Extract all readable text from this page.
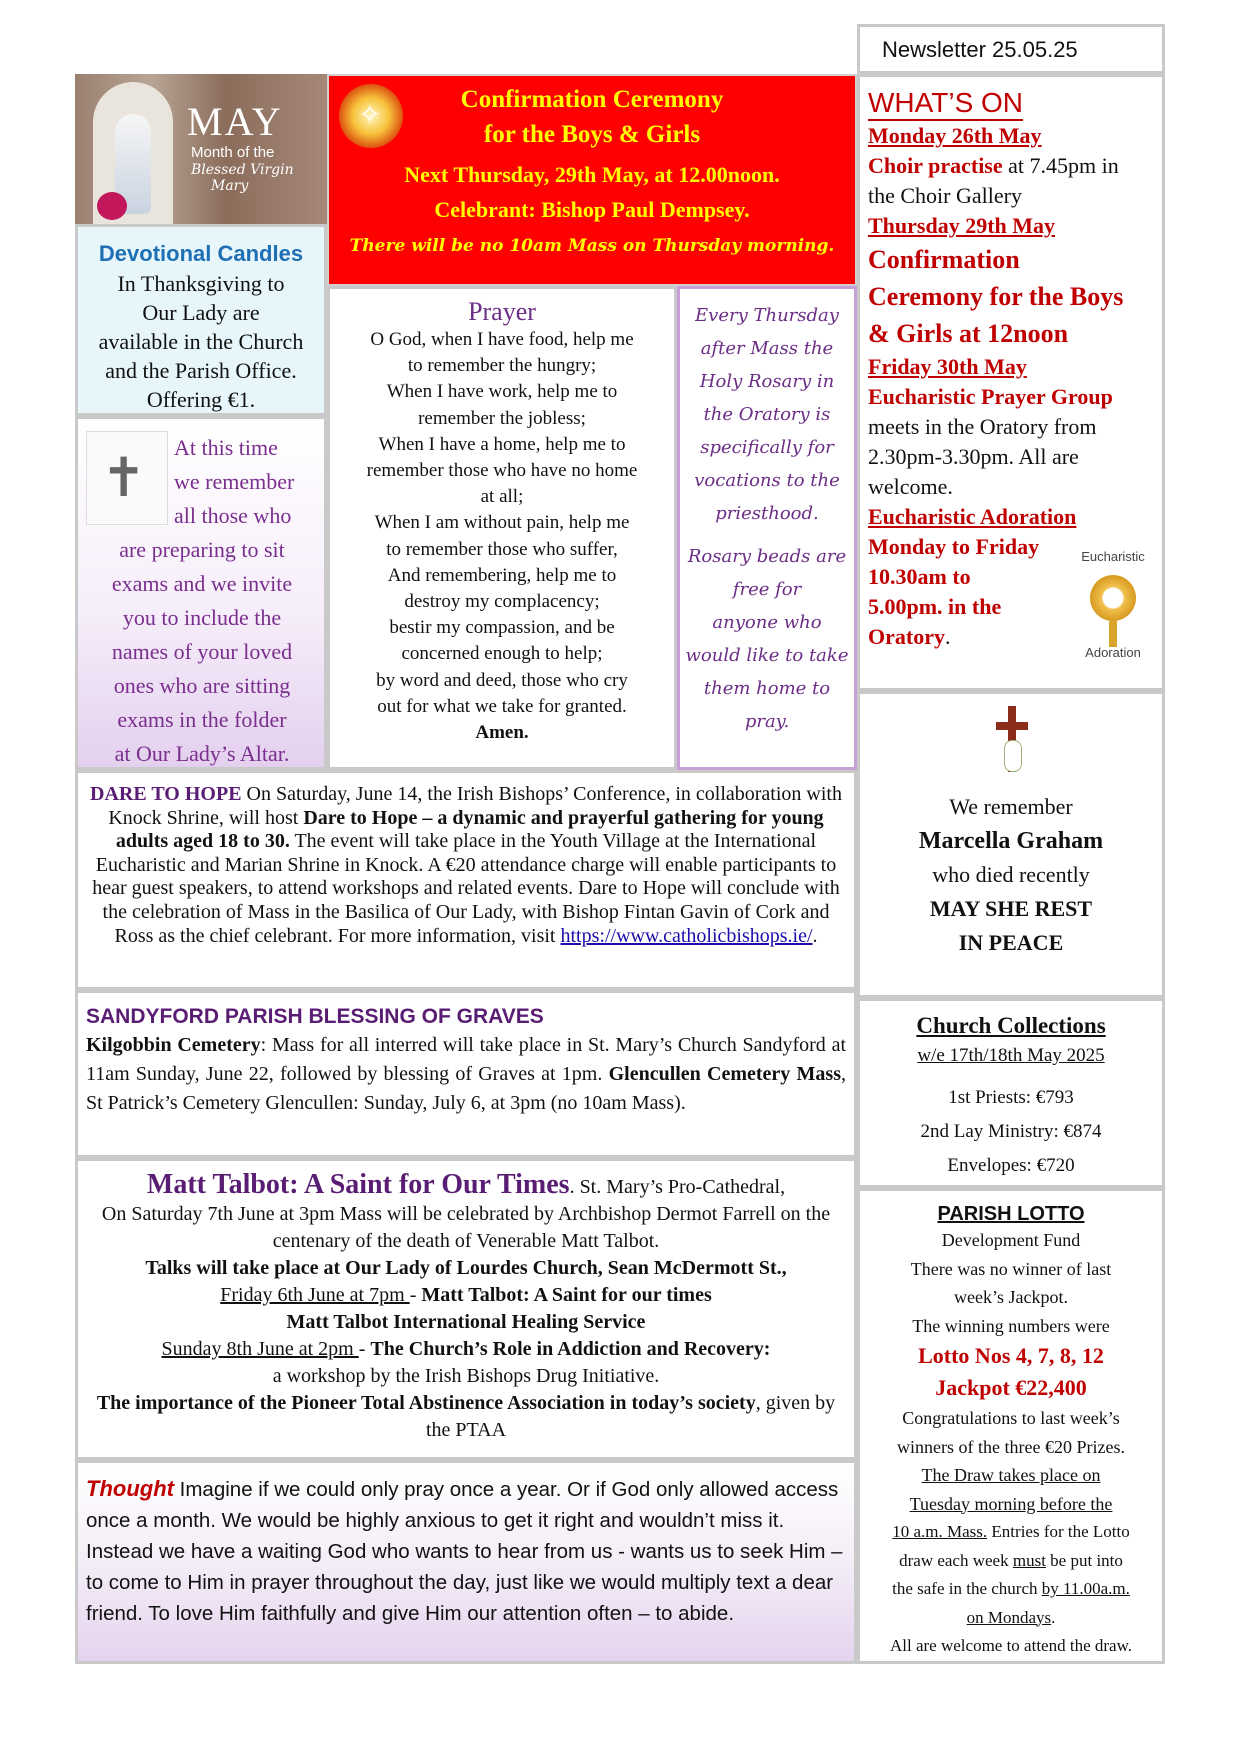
Newsletter 25.05.25
MAY
Month of the
Blessed Virgin
Mary
✧
Confirmation Ceremony
for the Boys & Girls
Next Thursday, 29th May, at 12.00noon.
Celebrant: Bishop Paul Dempsey.
There will be no 10am Mass on Thursday morning.
Devotional Candles
In Thanksgiving to
Our Lady are
available in the Church
and the Parish Office.
Offering €1.
✝
At this time
we remember
all those who
are preparing to sit
exams and we invite
you to include the
names of your loved
ones who are sitting
exams in the folder
at Our Lady’s Altar.
Prayer
O God, when I have food, help me
to remember the hungry;
When I have work, help me to
remember the jobless;
When I have a home, help me to
remember those who have no home
at all;
When I am without pain, help me
to remember those who suffer,
And remembering, help me to
destroy my complacency;
bestir my compassion, and be
concerned enough to help;
by word and deed, those who cry
out for what we take for granted.
Amen.

Every Thursday
after Mass the
Holy Rosary in
the Oratory is
specifically for
vocations to the
priesthood.

Rosary beads are
free for
anyone who
would like to take
them home to
pray.

WHAT’S ON
Monday 26th May
Choir practise at 7.45pm in
the Choir Gallery
Thursday 29th May
Confirmation
Ceremony for the Boys
& Girls at 12noon
Friday 30th May
Eucharistic Prayer Group
meets in the Oratory from
2.30pm-3.30pm. All are
welcome.
Eucharistic Adoration
Monday to Friday
10.30am to
5.00pm. in the
Oratory.
Eucharistic
Adoration
We remember
Marcella Graham
who died recently
MAY SHE REST
IN PEACE
Church Collections
w/e 17th/18th May 2025
1st Priests: €793
2nd Lay Ministry: €874
Envelopes: €720
PARISH LOTTO
Development Fund
There was no winner of last
week’s Jackpot.
The winning numbers were
Lotto Nos 4, 7, 8, 12
Jackpot €22,400
Congratulations to last week’s
winners of the three €20 Prizes.
The Draw takes place on
Tuesday morning before the
10 a.m. Mass. Entries for the Lotto
draw each week must be put into
the safe in the church by 11.00a.m.
on Mondays.
All are welcome to attend the draw.
DARE TO HOPE On Saturday, June 14, the Irish Bishops’ Conference, in collaboration with Knock Shrine, will host Dare to Hope – a dynamic and prayerful gathering for young adults aged 18 to 30. The event will take place in the Youth Village at the International Eucharistic and Marian Shrine in Knock. A €20 attendance charge will enable participants to hear guest speakers, to attend workshops and related events. Dare to Hope will conclude with the celebration of Mass in the Basilica of Our Lady, with Bishop Fintan Gavin of Cork and Ross as the chief celebrant. For more information, visit https://www.catholicbishops.ie/.
SANDYFORD PARISH BLESSING OF GRAVES
Kilgobbin Cemetery: Mass for all interred will take place in St. Mary’s Church Sandyford at 11am Sunday, June 22, followed by blessing of Graves at 1pm. Glencullen Cemetery Mass, St Patrick’s Cemetery Glencullen: Sunday, July 6, at 3pm (no 10am Mass).
Matt Talbot: A Saint for Our Times. St. Mary’s Pro-Cathedral,
On Saturday 7th June at 3pm Mass will be celebrated by Archbishop Dermot Farrell on the centenary of the death of Venerable Matt Talbot.
Talks will take place at Our Lady of Lourdes Church, Sean McDermott St.,
Friday 6th June at 7pm - Matt Talbot: A Saint for our times
Matt Talbot International Healing Service
Sunday 8th June at 2pm - The Church’s Role in Addiction and Recovery:
a workshop by the Irish Bishops Drug Initiative.
The importance of the Pioneer Total Abstinence Association in today’s society, given by the PTAA
Thought Imagine if we could only pray once a year. Or if God only allowed access once a month. We would be highly anxious to get it right and wouldn’t miss it. Instead we have a waiting God who wants to hear from us - wants us to seek Him – to come to Him in prayer throughout the day, just like we would multiply text a dear friend. To love Him faithfully and give Him our attention often – to abide.
